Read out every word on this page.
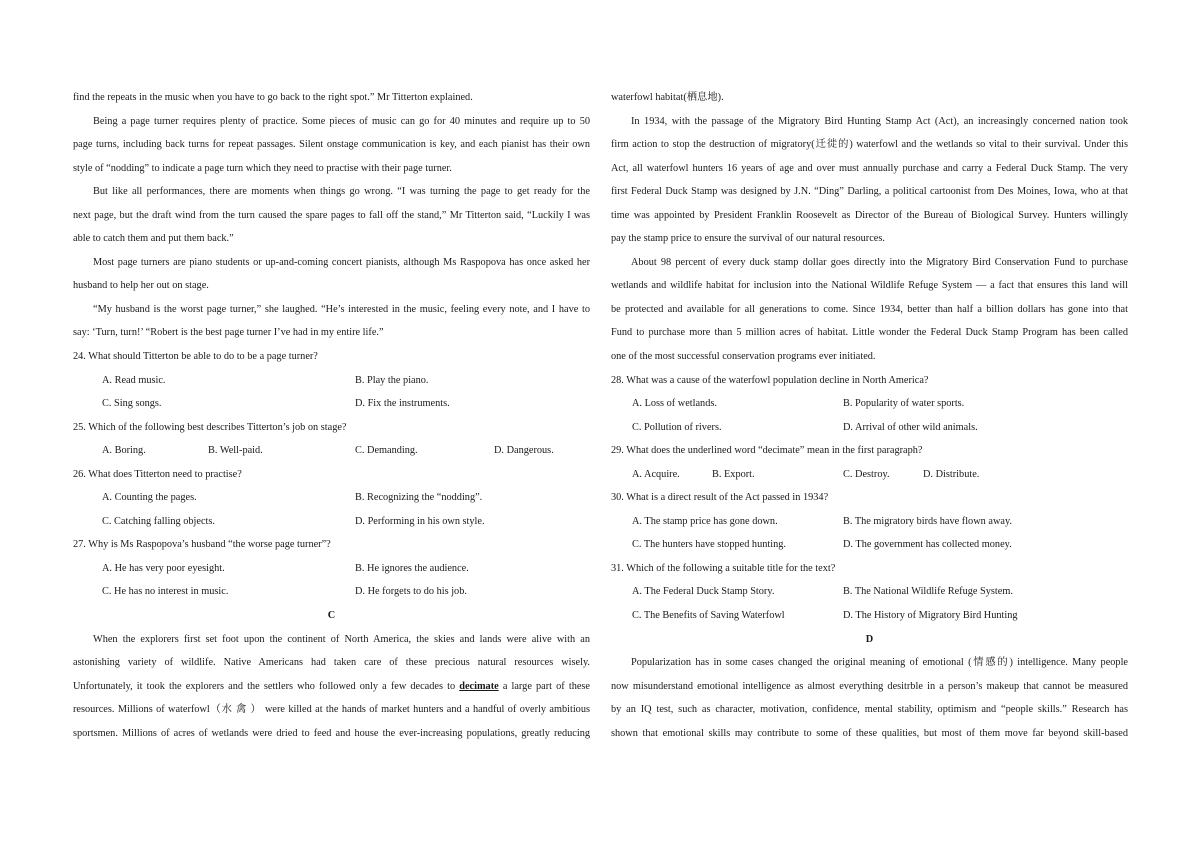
find the repeats in the music when you have to go back to the right spot.” Mr Titterton explained.
Being a page turner requires plenty of practice. Some pieces of music can go for 40 minutes and require up to 50
page turns, including back turns for repeat passages. Silent onstage communication is key, and each pianist has their own
style of “nodding” to indicate a page turn which they need to practise with their page turner.
But like all performances, there are moments when things go wrong. “I was turning the page to get ready for the
next page, but the draft wind from the turn caused the spare pages to fall off the stand,” Mr Titterton said, “Luckily I was
able to catch them and put them back.”
Most page turners are piano students or up-and-coming concert pianists, although Ms Raspopova has once asked her
husband to help her out on stage.
“My husband is the worst page turner,” she laughed. “He’s interested in the music, feeling every note, and I have to
say: ‘Turn, turn!’ “Robert is the best page turner I’ve had in my entire life.”
24. What should Titterton be able to do to be a page turner?
A. Read music.	B. Play the piano.
C. Sing songs.	D. Fix the instruments.
25. Which of the following best describes Titterton’s job on stage?
A. Boring.	B. Well-paid.	C. Demanding.	D. Dangerous.
26. What does Titterton need to practise?
A. Counting the pages.	B. Recognizing the “nodding”.
C. Catching falling objects.	D. Performing in his own style.
27. Why is Ms Raspopova’s husband “the worse page turner”?
A. He has very poor eyesight.	B. He ignores the audience.
C. He has no interest in music.	D. He forgets to do his job.
C
When the explorers first set foot upon the continent of North America, the skies and lands were alive with an
astonishing variety of wildlife. Native Americans had taken care of these precious natural resources wisely.
Unfortunately, it took the explorers and the settlers who followed only a few decades to decimate a large part of these
resources. Millions of waterfowl（水 禽 ） were killed at the hands of market hunters and a handful of overly ambitious
sportsmen. Millions of acres of wetlands were dried to feed and house the ever-increasing populations, greatly reducing
waterfowl habitat(栖息地).
In 1934, with the passage of the Migratory Bird Hunting Stamp Act (Act), an increasingly concerned nation took
firm action to stop the destruction of migratory(迁徙的) waterfowl and the wetlands so vital to their survival. Under this
Act, all waterfowl hunters 16 years of age and over must annually purchase and carry a Federal Duck Stamp. The very
first Federal Duck Stamp was designed by J.N. “Ding” Darling, a political cartoonist from Des Moines, Iowa, who at that
time was appointed by President Franklin Roosevelt as Director of the Bureau of Biological Survey. Hunters willingly
pay the stamp price to ensure the survival of our natural resources.
About 98 percent of every duck stamp dollar goes directly into the Migratory Bird Conservation Fund to purchase
wetlands and wildlife habitat for inclusion into the National Wildlife Refuge System — a fact that ensures this land will
be protected and available for all generations to come. Since 1934, better than half a billion dollars has gone into that
Fund to purchase more than 5 million acres of habitat. Little wonder the Federal Duck Stamp Program has been called
one of the most successful conservation programs ever initiated.
28. What was a cause of the waterfowl population decline in North America?
A. Loss of wetlands.	B. Popularity of water sports.
C. Pollution of rivers.	D. Arrival of other wild animals.
29. What does the underlined word “decimate” mean in the first paragraph?
A. Acquire.	B. Export.	C. Destroy.	D. Distribute.
30. What is a direct result of the Act passed in 1934?
A. The stamp price has gone down.	B. The migratory birds have flown away.
C. The hunters have stopped hunting.	D. The government has collected money.
31. Which of the following a suitable title for the text?
A. The Federal Duck Stamp Story.	B. The National Wildlife Refuge System.
C. The Benefits of Saving Waterfowl	D. The History of Migratory Bird Hunting
D
Popularization has in some cases changed the original meaning of emotional (情感的) intelligence. Many people
now misunderstand emotional intelligence as almost everything desitrble in a person’s makeup that cannot be measured
by an IQ test, such as character, motivation, confidence, mental stability, optimism and “people skills.” Research has
shown that emotional skills may contribute to some of these qualities, but most of them move far beyond skill-based
